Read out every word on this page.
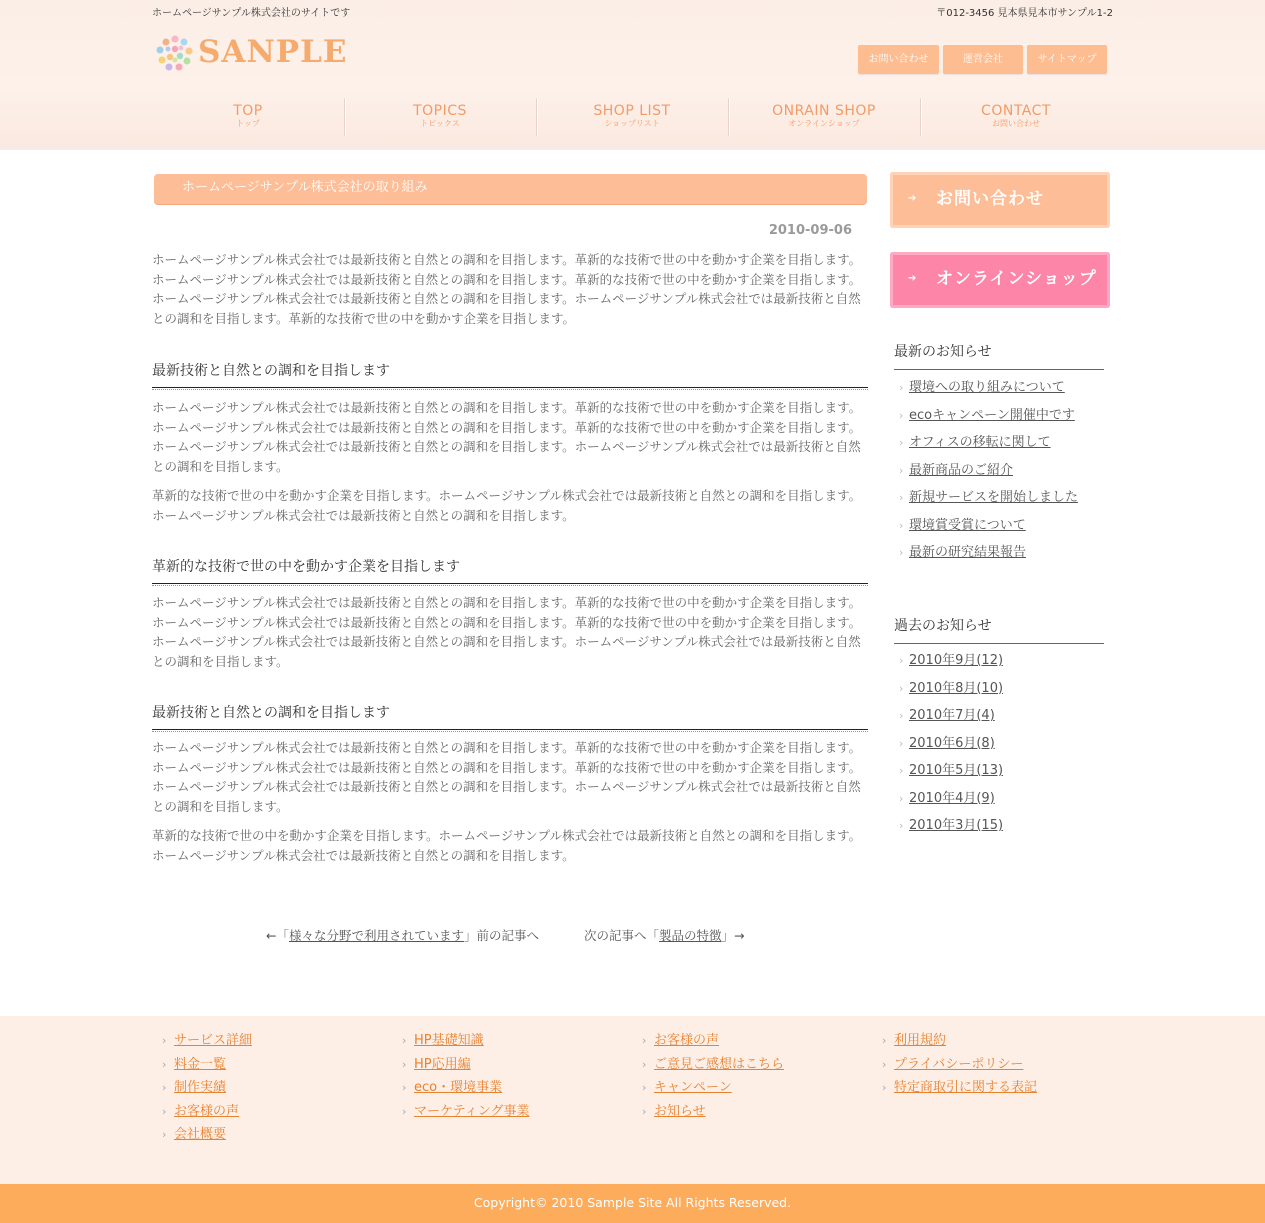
ホームページサンプル株式会社のサイトです	〒012-3456 見本県見本市サンプル1-2
SANPLE	お問い合わせ	運営会社	サイトマップ
TOP
トップ
TOPICS
トピックス
SHOP LIST
ショップリスト
ONRAIN SHOP
オンラインショップ
CONTACT
お問い合わせ
ホームページサンプル株式会社の取り組み
2010-09-06

ホームページサンプル株式会社では最新技術と自然との調和を目指します。革新的な技術で世の中を動かす企業を目指します。ホームページサンプル株式会社では最新技術と自然との調和を目指します。革新的な技術で世の中を動かす企業を目指します。ホームページサンプル株式会社では最新技術と自然との調和を目指します。ホームページサンプル株式会社では最新技術と自然との調和を目指します。革新的な技術で世の中を動かす企業を目指します。

最新技術と自然との調和を目指します

ホームページサンプル株式会社では最新技術と自然との調和を目指します。革新的な技術で世の中を動かす企業を目指します。ホームページサンプル株式会社では最新技術と自然との調和を目指します。革新的な技術で世の中を動かす企業を目指します。ホームページサンプル株式会社では最新技術と自然との調和を目指します。ホームページサンプル株式会社では最新技術と自然との調和を目指します。

革新的な技術で世の中を動かす企業を目指します。ホームページサンプル株式会社では最新技術と自然との調和を目指します。ホームページサンプル株式会社では最新技術と自然との調和を目指します。

革新的な技術で世の中を動かす企業を目指します

ホームページサンプル株式会社では最新技術と自然との調和を目指します。革新的な技術で世の中を動かす企業を目指します。ホームページサンプル株式会社では最新技術と自然との調和を目指します。革新的な技術で世の中を動かす企業を目指します。ホームページサンプル株式会社では最新技術と自然との調和を目指します。ホームページサンプル株式会社では最新技術と自然との調和を目指します。

最新技術と自然との調和を目指します

ホームページサンプル株式会社では最新技術と自然との調和を目指します。革新的な技術で世の中を動かす企業を目指します。ホームページサンプル株式会社では最新技術と自然との調和を目指します。革新的な技術で世の中を動かす企業を目指します。ホームページサンプル株式会社では最新技術と自然との調和を目指します。ホームページサンプル株式会社では最新技術と自然との調和を目指します。

革新的な技術で世の中を動かす企業を目指します。ホームページサンプル株式会社では最新技術と自然との調和を目指します。ホームページサンプル株式会社では最新技術と自然との調和を目指します。

←「様々な分野で利用されています」前の記事へ	次の記事へ「製品の特徴」→
➔ お問い合わせ
➔ オンラインショップ
最新のお知らせ
› 環境への取り組みについて
› ecoキャンペーン開催中です
› オフィスの移転に関して
› 最新商品のご紹介
› 新規サービスを開始しました
› 環境賞受賞について
› 最新の研究結果報告
過去のお知らせ
› 2010年9月(12)
› 2010年8月(10)
› 2010年7月(4)
› 2010年6月(8)
› 2010年5月(13)
› 2010年4月(9)
› 2010年3月(15)
› サービス詳細
› 料金一覧
› 制作実績
› お客様の声
› 会社概要
› HP基礎知識
› HP応用編
› eco・環境事業
› マーケティング事業
› お客様の声
› ご意見ご感想はこちら
› キャンペーン
› お知らせ
› 利用規約
› プライバシーポリシー
› 特定商取引に関する表記
Copyright© 2010 Sample Site All Rights Reserved.
